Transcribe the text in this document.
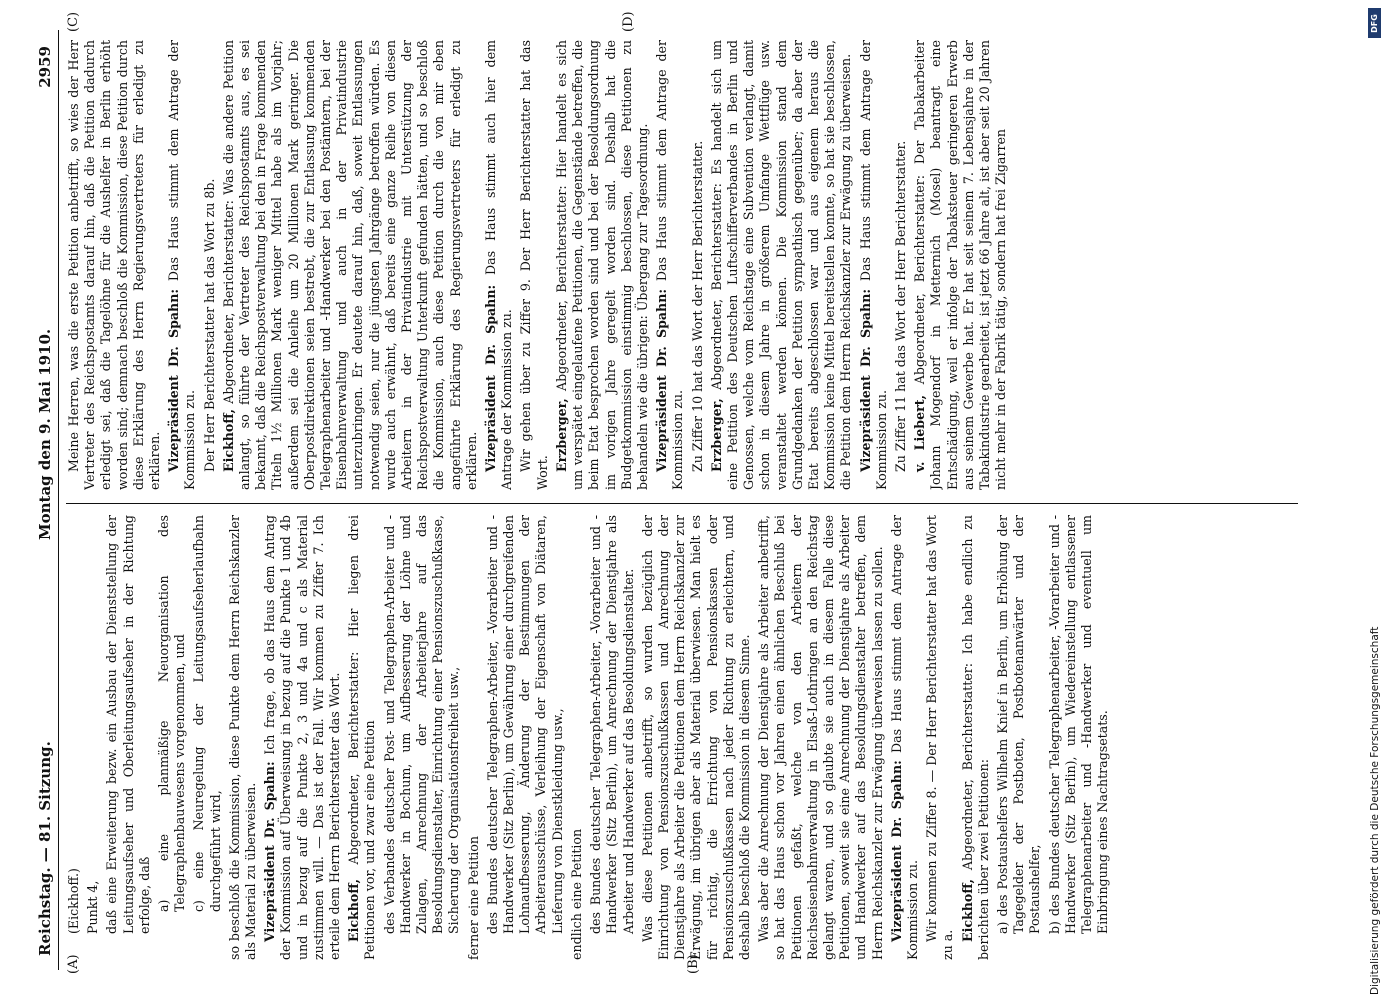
Reichstag. — 81. Sitzung.
Montag den 9. Mai 1910.
2959
(A)	(B)
(C)	(D)

(Eickhoff.) Punkt 4, daß eine Erweiterung bezw. ein Ausbau der Dienststellung der Leitungsaufseher und Oberleitungsaufseher in der Richtung erfolge, daß a) eine planmäßige Neuorganisation des Telegraphenbauwesens vorgenommen, und c) eine Neuregelung der Leitungsaufseherlaufbahn durchgeführt wird, so beschloß die Kommission, diese Punkte dem Herrn Reichskanzler als Material zu überweisen. Vizepräsident Dr. Spahn: Ich frage, ob das Haus dem Antrag der Kommission auf Überweisung in bezug auf die Punkte 1 und 4b und in bezug auf die Punkte 2, 3 und 4a und c als Material zustimmen will. — Das ist der Fall. Wir kommen zu Ziffer 7. Ich erteile dem Herrn Berichterstatter das Wort. Eickhoff, Abgeordneter, Berichterstatter: Hier liegen drei Petitionen vor, und zwar eine Petition des Verbandes deutscher Post- und Telegraphen-Arbeiter und -Handwerker in Bochum, um Aufbesserung der Löhne und Zulagen, Anrechnung der Arbeiterjahre auf das Besoldungsdienstalter, Einrichtung einer Pensionszuschußkasse, Sicherung der Organisationsfreiheit usw., ferner eine Petition des Bundes deutscher Telegraphen-Arbeiter, -Vorarbeiter und -Handwerker (Sitz Berlin), um Gewährung einer durchgreifenden Lohnaufbesserung, Änderung der Bestimmungen der Arbeiterausschüsse, Verleihung der Eigenschaft von Diätaren, Lieferung von Dienstkleidung usw., endlich eine Petition des Bundes deutscher Telegraphen-Arbeiter, -Vorarbeiter und -Handwerker (Sitz Berlin), um Anrechnung der Dienstjahre als Arbeiter und Handwerker auf das Besoldungsdienstalter. Was diese Petitionen anbetrifft, so wurden bezüglich der Einrichtung von Pensionszuschußkassen und Anrechnung der Dienstjahre als Arbeiter die Petitionen dem Herrn Reichskanzler zur Erwägung, im übrigen aber als Material überwiesen. Man hielt es für richtig, die Errichtung von Pensionskassen oder Pensionszuschußkassen nach jeder Richtung zu erleichtern, und deshalb beschloß die Kommission in diesem Sinne. Was aber die Anrechnung der Dienstjahre als Arbeiter anbetrifft, so hat das Haus schon vor Jahren einen ähnlichen Beschluß bei Petitionen gefaßt, welche von den Arbeitern der Reichseisenbahnverwaltung in Elsaß-Lothringen an den Reichstag gelangt waren, und so glaubte sie auch in diesem Falle diese Petitionen, soweit sie eine Anrechnung der Dienstjahre als Arbeiter und Handwerker auf das Besoldungsdienstalter betreffen, dem Herrn Reichskanzler zur Erwägung überweisen lassen zu sollen. Vizepräsident Dr. Spahn: Das Haus stimmt dem Antrage der Kommission zu. Wir kommen zu Ziffer 8. — Der Herr Berichterstatter hat das Wort zu a.

Eickhoff, Abgeordneter, Berichterstatter: Ich habe endlich zu berichten über zwei Petitionen: a) des Postaushelfers Wilhelm Knief in Berlin, um Erhöhung der Tagegelder der Postboten, Postbotenanwärter und der Postaushelfer, b) des Bundes deutscher Telegraphenarbeiter, -Vorarbeiter und -Handwerker (Sitz Berlin), um Wiedereinstellung entlassener Telegraphenarbeiter und -Handwerker und eventuell um Einbringung eines Nachtragsetats.

Meine Herren, was die erste Petition anbetrifft, so wies der Herr Vertreter des Reichspostamts darauf hin, daß die Petition dadurch erledigt sei, daß die Tagelöhne für die Aushelfer in Berlin erhöht worden sind; demnach beschloß die Kommission, diese Petition durch diese Erklärung des Herrn Regierungsvertreters für erledigt zu erklären. Vizepräsident Dr. Spahn: Das Haus stimmt dem Antrage der Kommission zu. Der Herr Berichterstatter hat das Wort zu 8b. Eickhoff, Abgeordneter, Berichterstatter: Was die andere Petition anlangt, so führte der Vertreter des Reichspostamts aus, es sei bekannt, daß die Reichspostverwaltung bei den in Frage kommenden Titeln 1½ Millionen Mark weniger Mittel habe als im Vorjahr; außerdem sei die Anleihe um 20 Millionen Mark geringer. Die Oberpostdirektionen seien bestrebt, die zur Entlassung kommenden Telegraphenarbeiter und -Handwerker bei den Postämtern, bei der Eisenbahnverwaltung und auch in der Privatindustrie unterzubringen. Er deutete darauf hin, daß, soweit Entlassungen notwendig seien, nur die jüngsten Jahrgänge betroffen würden. Es wurde auch erwähnt, daß bereits eine ganze Reihe von diesen Arbeitern in der Privatindustrie mit Unterstützung der Reichspostverwaltung Unterkunft gefunden hätten, und so beschloß die Kommission, auch diese Petition durch die von mir eben angeführte Erklärung des Regierungsvertreters für erledigt zu erklären. Vizepräsident Dr. Spahn: Das Haus stimmt auch hier dem Antrage der Kommission zu. Wir gehen über zu Ziffer 9. Der Herr Berichterstatter hat das Wort.

Erzberger, Abgeordneter, Berichterstatter: Hier handelt es sich um verspätet eingelaufene Petitionen, die Gegenstände betreffen, die beim Etat besprochen worden sind und bei der Besoldungsordnung im vorigen Jahre geregelt worden sind. Deshalb hat die Budgetkommission einstimmig beschlossen, diese Petitionen zu behandeln wie die übrigen: Übergang zur Tagesordnung. Vizepräsident Dr. Spahn: Das Haus stimmt dem Antrage der Kommission zu. Zu Ziffer 10 hat das Wort der Herr Berichterstatter. Erzberger, Abgeordneter, Berichterstatter: Es handelt sich um eine Petition des Deutschen Luftschifferverbandes in Berlin und Genossen, welche vom Reichstage eine Subvention verlangt, damit schon in diesem Jahre in größerem Umfange Wettflüge usw. veranstaltet werden können. Die Kommission stand dem Grundgedanken der Petition sympathisch gegenüber; da aber der Etat bereits abgeschlossen war und aus eigenem heraus die Kommission keine Mittel bereitstellen konnte, so hat sie beschlossen, die Petition dem Herrn Reichskanzler zur Erwägung zu überweisen. Vizepräsident Dr. Spahn: Das Haus stimmt dem Antrage der Kommission zu. Zu Ziffer 11 hat das Wort der Herr Berichterstatter. v. Liebert, Abgeordneter, Berichterstatter: Der Tabakarbeiter Johann Mogendorf in Metternich (Mosel) beantragt eine Entschädigung, weil er infolge der Tabaksteuer geringeren Erwerb aus seinem Gewerbe hat. Er hat seit seinem 7. Lebensjahre in der Tabakindustrie gearbeitet, ist jetzt 66 Jahre alt, ist aber seit 20 Jahren nicht mehr in der Fabrik tätig, sondern hat frei Zigarren

DFG
Digitalisierung gefördert durch die Deutsche Forschungsgemeinschaft
